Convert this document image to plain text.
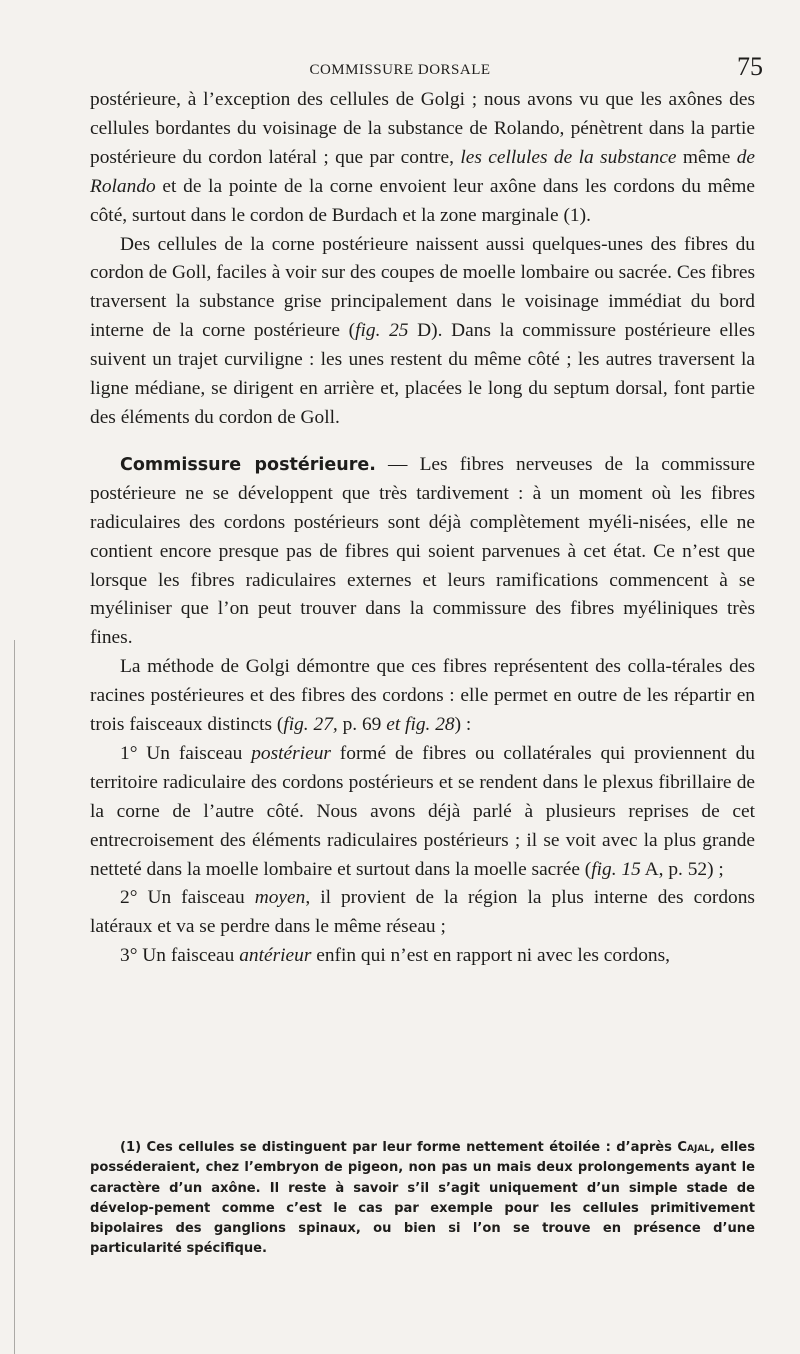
COMMISSURE DORSALE	75

postérieure, à l’exception des cellules de Golgi ; nous avons vu que les axônes des cellules bordantes du voisinage de la substance de Rolando, pénètrent dans la partie postérieure du cordon latéral ; que par contre, les cellules de la substance même de Rolando et de la pointe de la corne envoient leur axône dans les cordons du même côté, surtout dans le cordon de Burdach et la zone marginale (1).

Des cellules de la corne postérieure naissent aussi quelques-unes des fibres du cordon de Goll, faciles à voir sur des coupes de moelle lombaire ou sacrée. Ces fibres traversent la substance grise principalement dans le voisinage immédiat du bord interne de la corne postérieure (fig. 25 D). Dans la commissure postérieure elles suivent un trajet curviligne : les unes restent du même côté ; les autres traversent la ligne médiane, se dirigent en arrière et, placées le long du septum dorsal, font partie des éléments du cordon de Goll.

Commissure postérieure. — Les fibres nerveuses de la commissure postérieure ne se développent que très tardivement : à un moment où les fibres radiculaires des cordons postérieurs sont déjà complètement myéli-nisées, elle ne contient encore presque pas de fibres qui soient parvenues à cet état. Ce n’est que lorsque les fibres radiculaires externes et leurs ramifications commencent à se myéliniser que l’on peut trouver dans la commissure des fibres myéliniques très fines.

La méthode de Golgi démontre que ces fibres représentent des colla-térales des racines postérieures et des fibres des cordons : elle permet en outre de les répartir en trois faisceaux distincts (fig. 27, p. 69 et fig. 28) :

1° Un faisceau postérieur formé de fibres ou collatérales qui proviennent du territoire radiculaire des cordons postérieurs et se rendent dans le plexus fibrillaire de la corne de l’autre côté. Nous avons déjà parlé à plusieurs reprises de cet entrecroisement des éléments radiculaires postérieurs ; il se voit avec la plus grande netteté dans la moelle lombaire et surtout dans la moelle sacrée (fig. 15 A, p. 52) ;

2° Un faisceau moyen, il provient de la région la plus interne des cordons latéraux et va se perdre dans le même réseau ;

3° Un faisceau antérieur enfin qui n’est en rapport ni avec les cordons,

(1) Ces cellules se distinguent par leur forme nettement étoilée : d’après Cajal, elles posséderaient, chez l’embryon de pigeon, non pas un mais deux prolongements ayant le caractère d’un axône. Il reste à savoir s’il s’agit uniquement d’un simple stade de dévelop-pement comme c’est le cas par exemple pour les cellules primitivement bipolaires des ganglions spinaux, ou bien si l’on se trouve en présence d’une particularité spécifique.
